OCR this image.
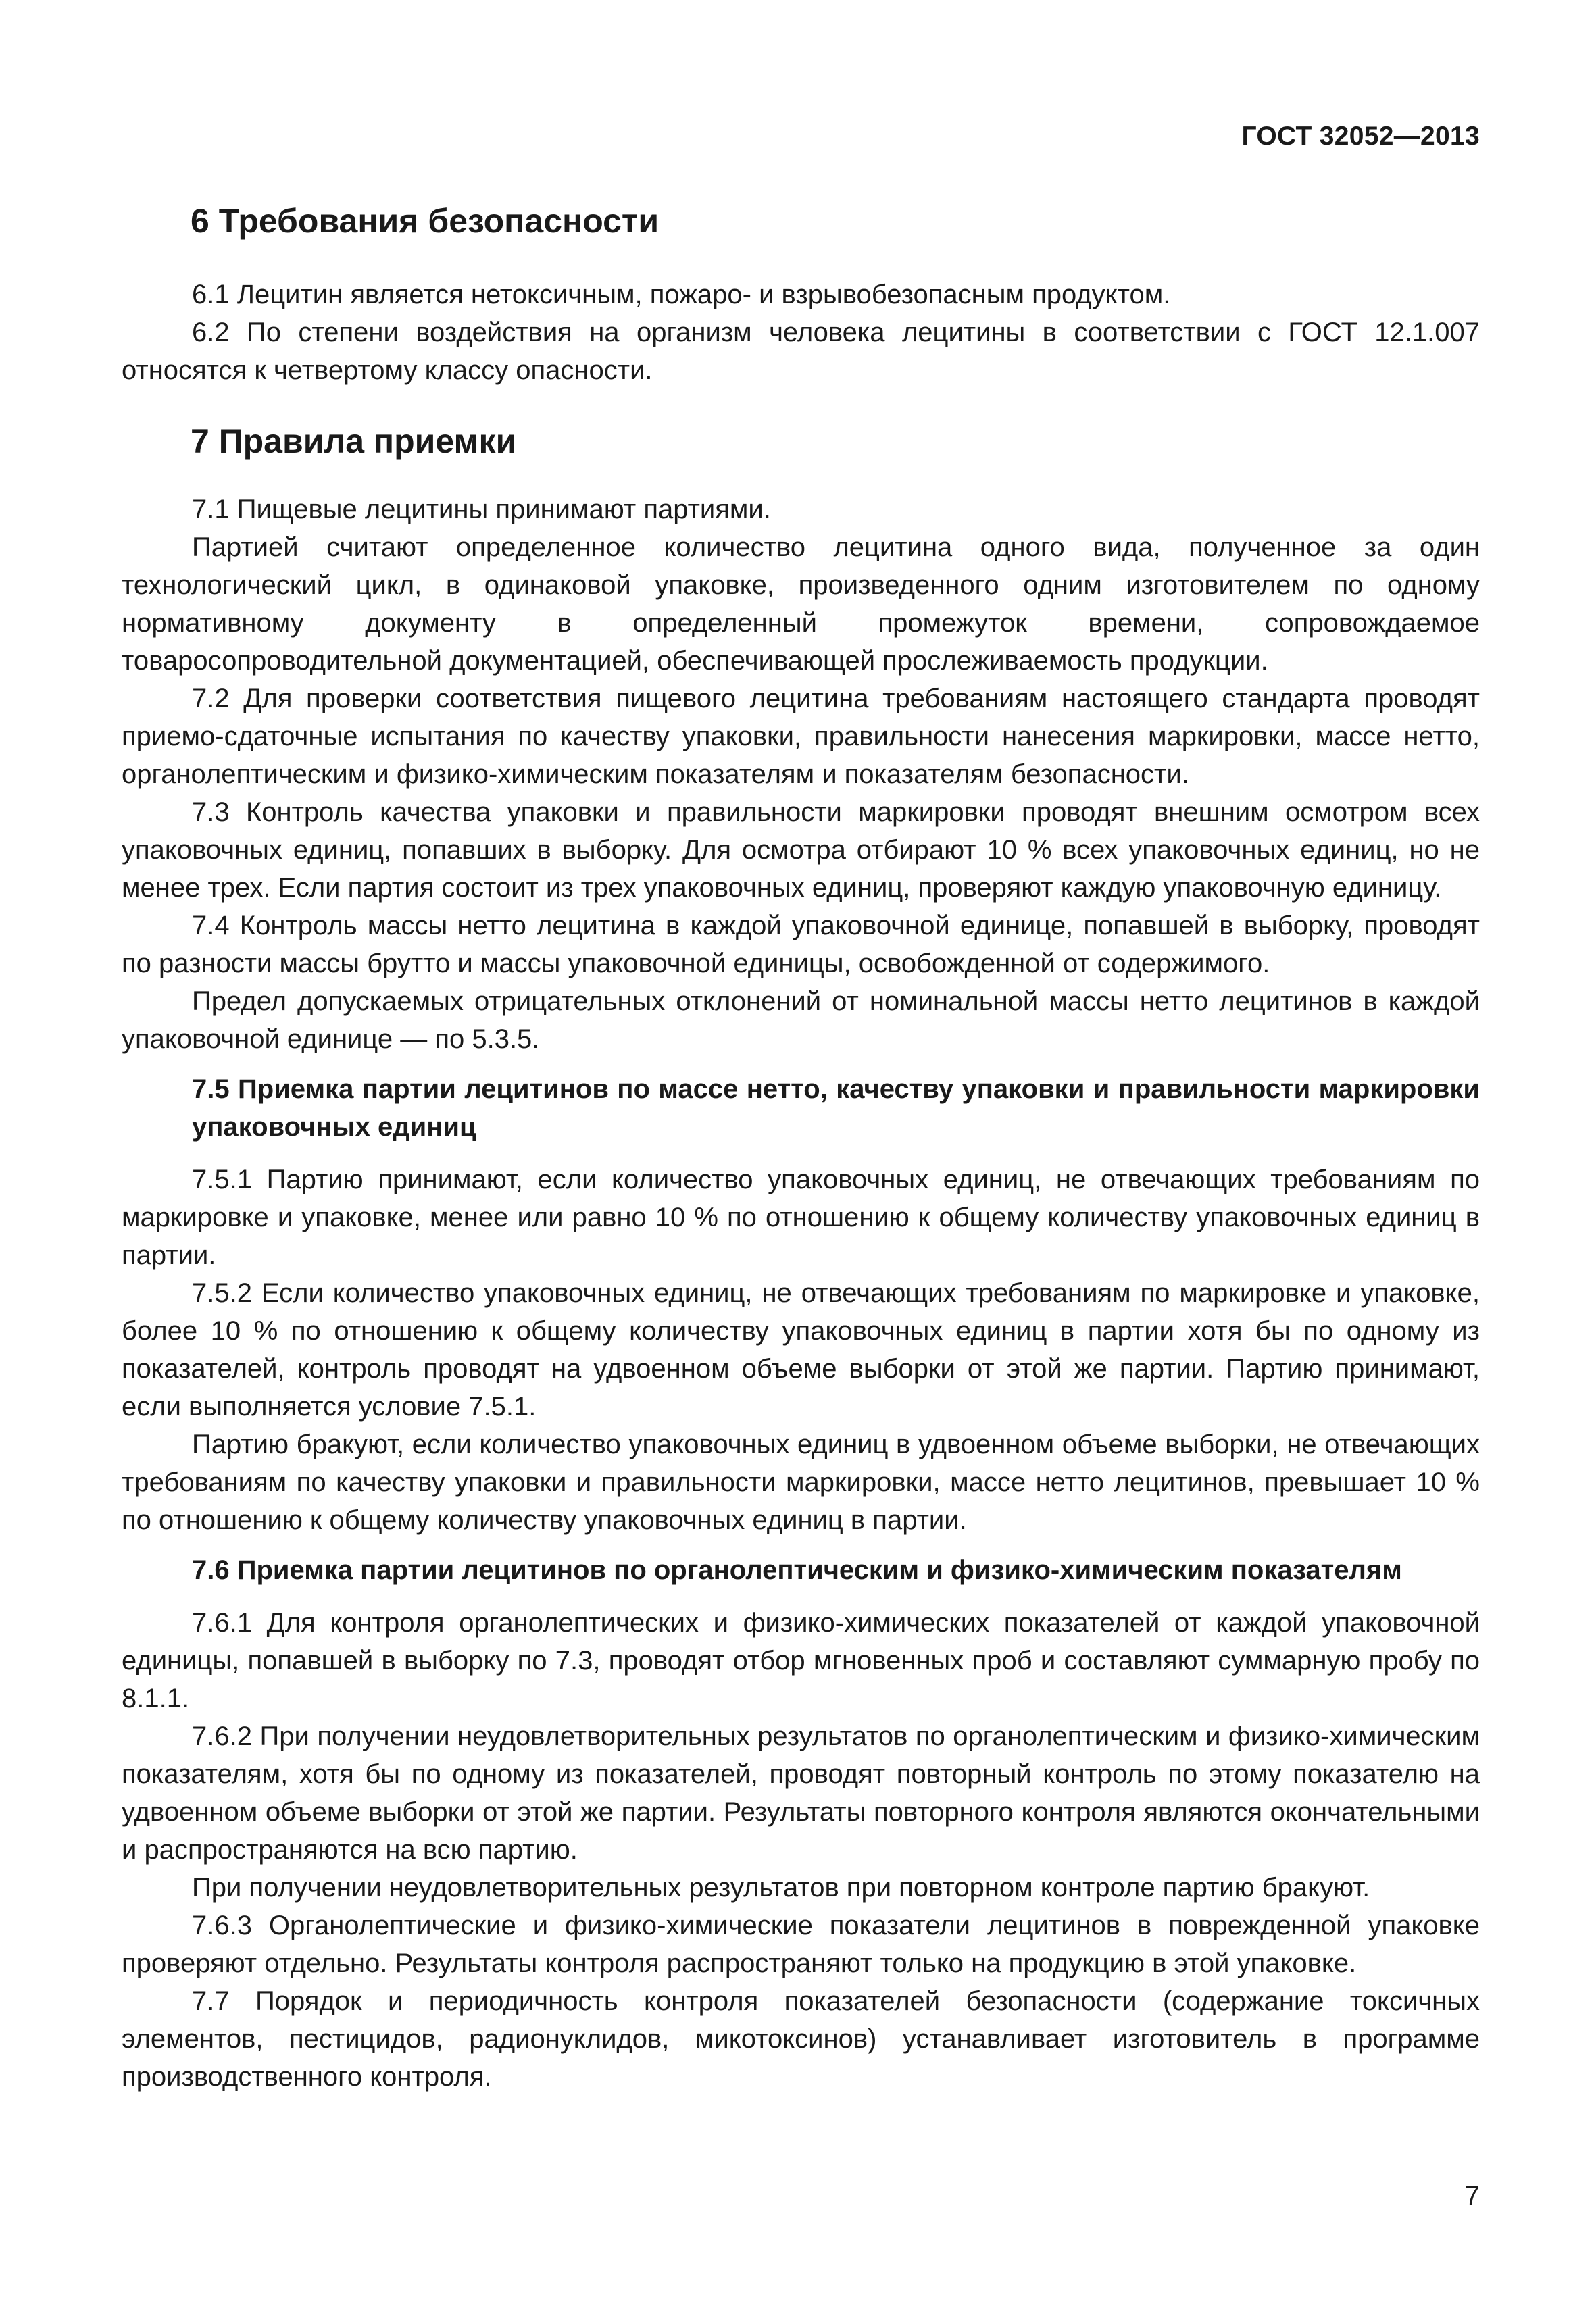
ГОСТ 32052—2013
6 Требования безопасности

6.1 Лецитин является нетоксичным, пожаро- и взрывобезопасным продуктом.

6.2 По степени воздействия на организм человека лецитины в соответствии с ГОСТ 12.1.007 относятся к четвертому классу опасности.

7 Правила приемки

7.1 Пищевые лецитины принимают партиями.

Партией считают определенное количество лецитина одного вида, полученное за один технологический цикл, в одинаковой упаковке, произведенного одним изготовителем по одному нормативному документу в определенный промежуток времени, сопровождаемое товаросопроводительной документацией, обеспечивающей прослеживаемость продукции.

7.2 Для проверки соответствия пищевого лецитина требованиям настоящего стандарта проводят приемо-сдаточные испытания по качеству упаковки, правильности нанесения маркировки, массе нетто, органолептическим и физико-химическим показателям и показателям безопасности.

7.3 Контроль качества упаковки и правильности маркировки проводят внешним осмотром всех упаковочных единиц, попавших в выборку. Для осмотра отбирают 10 % всех упаковочных единиц, но не менее трех. Если партия состоит из трех упаковочных единиц, проверяют каждую упаковочную единицу.

7.4 Контроль массы нетто лецитина в каждой упаковочной единице, попавшей в выборку, проводят по разности массы брутто и массы упаковочной единицы, освобожденной от содержимого.

Предел допускаемых отрицательных отклонений от номинальной массы нетто лецитинов в каждой упаковочной единице — по 5.3.5.

7.5 Приемка партии лецитинов по массе нетто, качеству упаковки и правильности маркировки упаковочных единиц

7.5.1 Партию принимают, если количество упаковочных единиц, не отвечающих требованиям по маркировке и упаковке, менее или равно 10 % по отношению к общему количеству упаковочных единиц в партии.

7.5.2 Если количество упаковочных единиц, не отвечающих требованиям по маркировке и упаковке, более 10 % по отношению к общему количеству упаковочных единиц в партии хотя бы по одному из показателей, контроль проводят на удвоенном объеме выборки от этой же партии. Партию принимают, если выполняется условие 7.5.1.

Партию бракуют, если количество упаковочных единиц в удвоенном объеме выборки, не отвечающих требованиям по качеству упаковки и правильности маркировки, массе нетто лецитинов, превышает 10 % по отношению к общему количеству упаковочных единиц в партии.

7.6 Приемка партии лецитинов по органолептическим и физико-химическим показателям

7.6.1 Для контроля органолептических и физико-химических показателей от каждой упаковочной единицы, попавшей в выборку по 7.3, проводят отбор мгновенных проб и составляют суммарную пробу по 8.1.1.

7.6.2 При получении неудовлетворительных результатов по органолептическим и физико-химическим показателям, хотя бы по одному из показателей, проводят повторный контроль по этому показателю на удвоенном объеме выборки от этой же партии. Результаты повторного контроля являются окончательными и распространяются на всю партию.

При получении неудовлетворительных результатов при повторном контроле партию бракуют.

7.6.3 Органолептические и физико-химические показатели лецитинов в поврежденной упаковке проверяют отдельно. Результаты контроля распространяют только на продукцию в этой упаковке.

7.7 Порядок и периодичность контроля показателей безопасности (содержание токсичных элементов, пестицидов, радионуклидов, микотоксинов) устанавливает изготовитель в программе производственного контроля.

7
